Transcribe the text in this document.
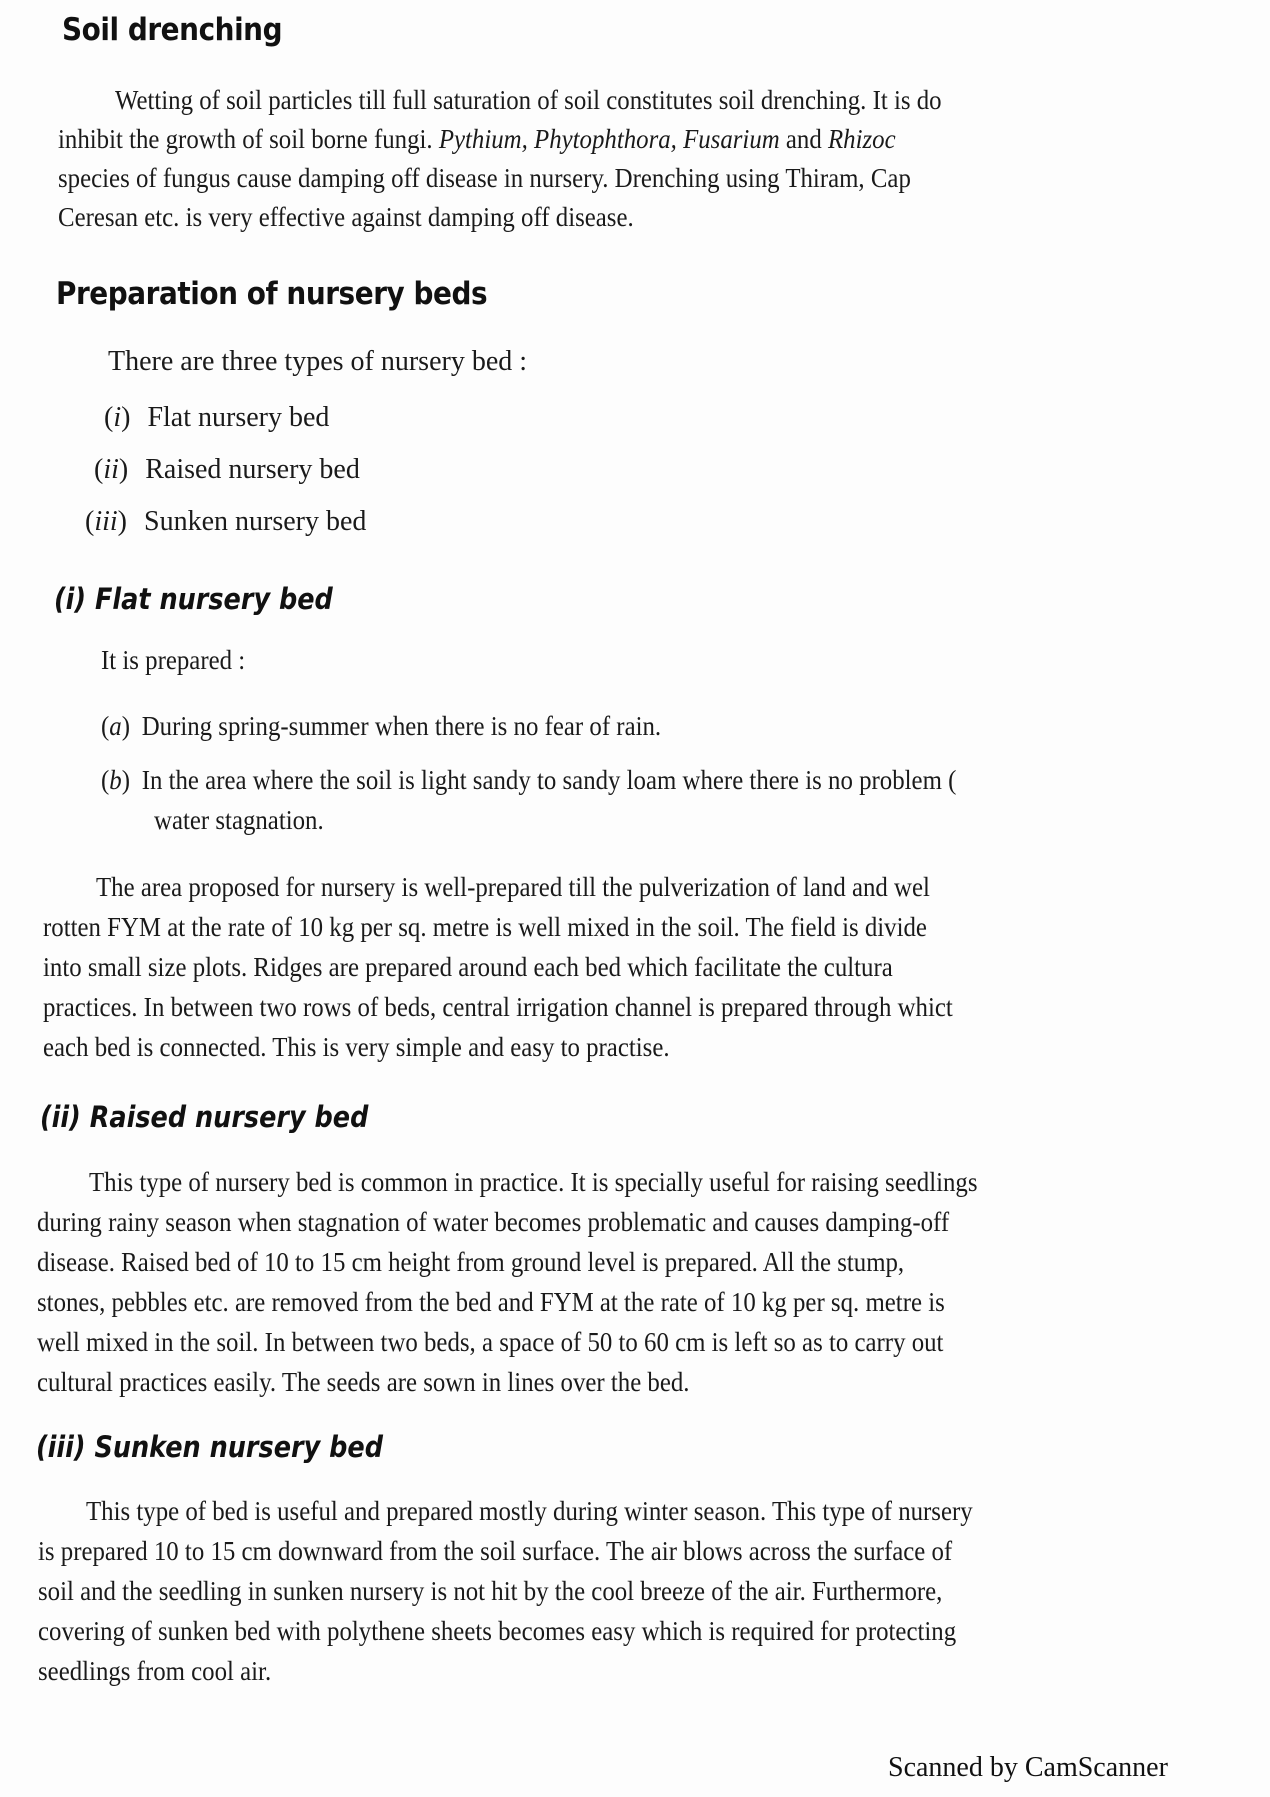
Soil drenching
Wetting of soil particles till full saturation of soil constitutes soil drenching. It is do
inhibit the growth of soil borne fungi. Pythium, Phytophthora, Fusarium and Rhizoc
species of fungus cause damping off disease in nursery. Drenching using Thiram, Cap
Ceresan etc. is very effective against damping off disease.
Preparation of nursery beds
There are three types of nursery bed :
(i) Flat nursery bed
(ii) Raised nursery bed
(iii) Sunken nursery bed
(i) Flat nursery bed
It is prepared :
(a) During spring-summer when there is no fear of rain.
(b) In the area where the soil is light sandy to sandy loam where there is no problem (
water stagnation.
The area proposed for nursery is well-prepared till the pulverization of land and wel
rotten FYM at the rate of 10 kg per sq. metre is well mixed in the soil. The field is divide
into small size plots. Ridges are prepared around each bed which facilitate the cultura
practices. In between two rows of beds, central irrigation channel is prepared through whict
each bed is connected. This is very simple and easy to practise.
(ii) Raised nursery bed
This type of nursery bed is common in practice. It is specially useful for raising seedlings
during rainy season when stagnation of water becomes problematic and causes damping-off
disease. Raised bed of 10 to 15 cm height from ground level is prepared. All the stump,
stones, pebbles etc. are removed from the bed and FYM at the rate of 10 kg per sq. metre is
well mixed in the soil. In between two beds, a space of 50 to 60 cm is left so as to carry out
cultural practices easily. The seeds are sown in lines over the bed.
(iii) Sunken nursery bed
This type of bed is useful and prepared mostly during winter season. This type of nursery
is prepared 10 to 15 cm downward from the soil surface. The air blows across the surface of
soil and the seedling in sunken nursery is not hit by the cool breeze of the air. Furthermore,
covering of sunken bed with polythene sheets becomes easy which is required for protecting
seedlings from cool air.
Scanned by CamScanner
